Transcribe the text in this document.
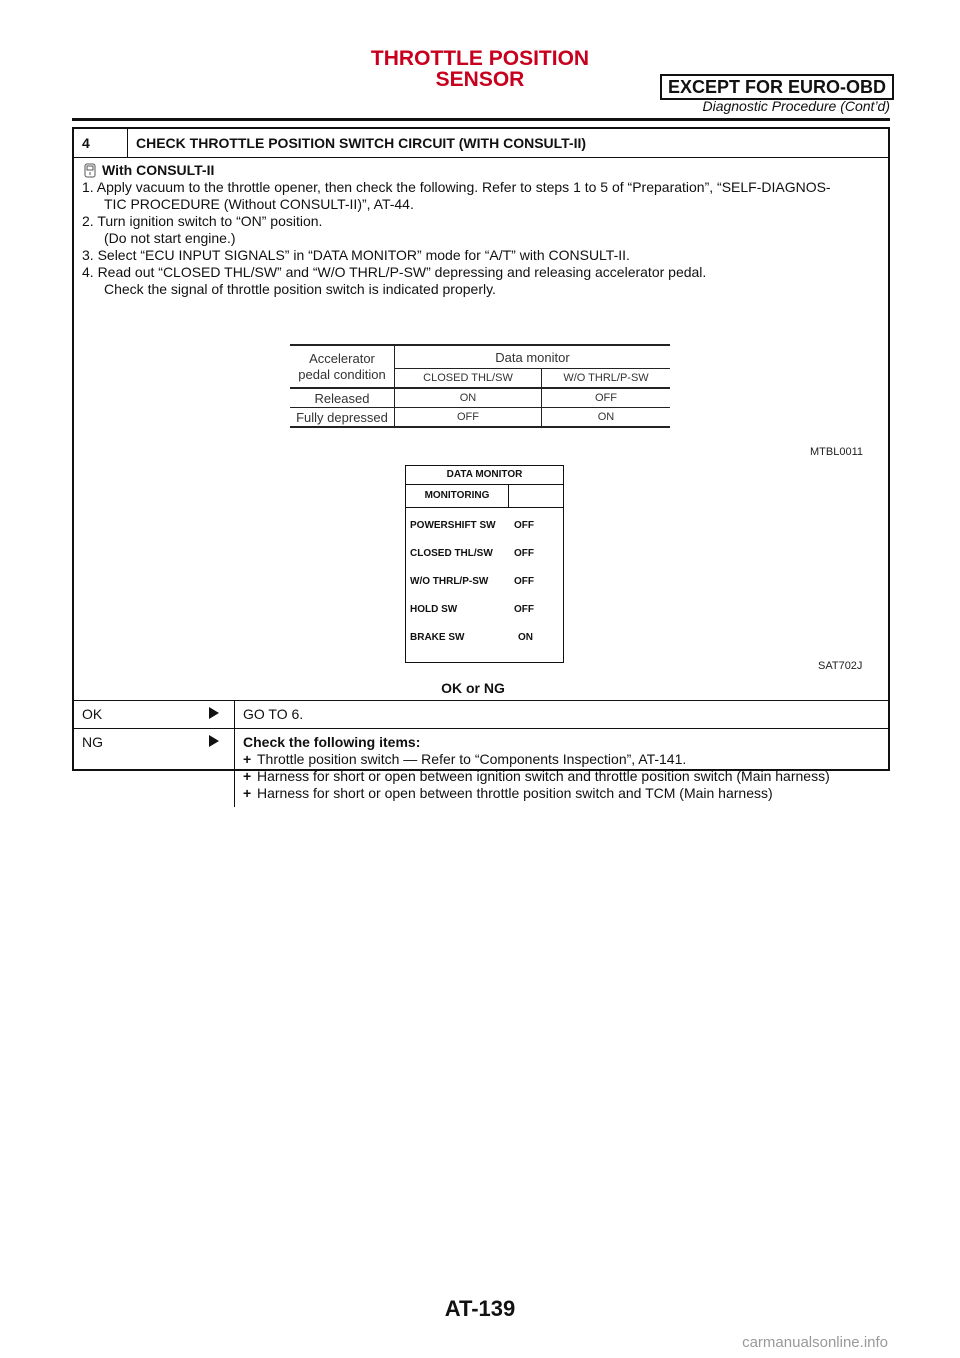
THROTTLE POSITION
SENSOR	EXCEPT FOR EURO-OBD
Diagnostic Procedure (Cont’d)
4	CHECK THROTTLE POSITION SWITCH CIRCUIT (WITH CONSULT-II)
With CONSULT-II
1. Apply vacuum to the throttle opener, then check the following. Refer to steps 1 to 5 of “Preparation”, “SELF-DIAGNOS-
TIC PROCEDURE (Without CONSULT-II)”, AT-44.
2. Turn ignition switch to “ON” position.
(Do not start engine.)
3. Select “ECU INPUT SIGNALS” in “DATA MONITOR” mode for “A/T” with CONSULT-II.
4. Read out “CLOSED THL/SW” and “W/O THRL/P-SW” depressing and releasing accelerator pedal.
Check the signal of throttle position switch is indicated properly.
Accelerator
pedal condition	Data monitor	
	CLOSED THL/SW	W/O THRL/P-SW
Released	ON	OFF
Fully depressed	OFF	ON
MTBL0011
DATA MONITOR
MONITORING
POWERSHIFT SW	OFF
CLOSED THL/SW	OFF
W/O THRL/P-SW	OFF
HOLD SW	OFF
BRAKE SW	ON
SAT702J
OK or NG
OK	GO TO 6.
NG	Check the following items:
+ Throttle position switch — Refer to “Components Inspection”, AT-141.
+ Harness for short or open between ignition switch and throttle position switch (Main harness)
+ Harness for short or open between throttle position switch and TCM (Main harness)
AT-139
carmanualsonline.info
